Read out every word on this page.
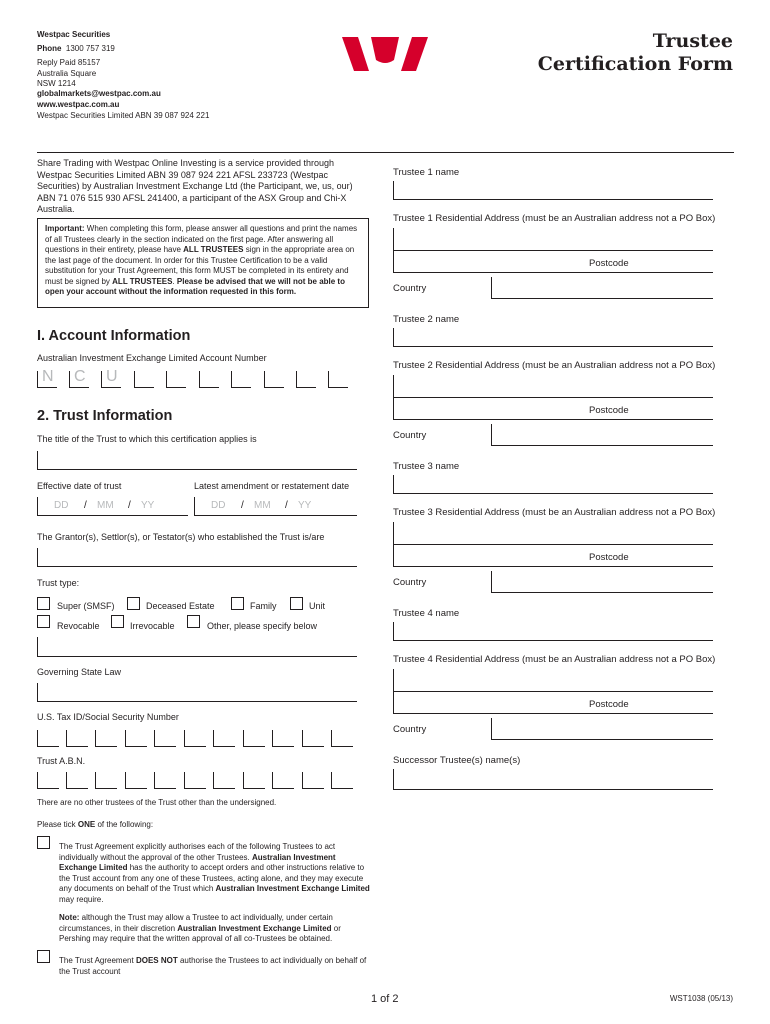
Westpac Securities
Phone 1300 757 319
Reply Paid 85157
Australia Square
NSW 1214
globalmarkets@westpac.com.au
www.westpac.com.au
Westpac Securities Limited ABN 39 087 924 221
Trustee
Certification Form
Share Trading with Westpac Online Investing is a service provided through Westpac Securities Limited ABN 39 087 924 221 AFSL 233723 (Westpac Securities) by Australian Investment Exchange Ltd (the Participant, we, us, our) ABN 71 076 515 930 AFSL 241400, a participant of the ASX Group and Chi-X Australia.
Important: When completing this form, please answer all questions and print the names of all Trustees clearly in the section indicated on the first page. After answering all questions in their entirety, please have ALL TRUSTEES sign in the appropriate area on the last page of the document. In order for this Trustee Certification to be a valid substitution for your Trust Agreement, this form MUST be completed in its entirety and must be signed by ALL TRUSTEES. Please be advised that we will not be able to open your account without the information requested in this form.
I. Account Information
Australian Investment Exchange Limited Account Number
N C U
2. Trust Information
The title of the Trust to which this certification applies is
Effective date of trust	Latest amendment or restatement date
DD / MM / YY	DD / MM / YY
The Grantor(s), Settlor(s), or Testator(s) who established the Trust is/are
Trust type:
Super (SMSF)	Deceased Estate	Family	Unit
Revocable	Irrevocable	Other, please specify below
Governing State Law
U.S. Tax ID/Social Security Number
Trust A.B.N.
There are no other trustees of the Trust other than the undersigned.
Please tick ONE of the following:
The Trust Agreement explicitly authorises each of the following Trustees to act individually without the approval of the other Trustees. Australian Investment Exchange Limited has the authority to accept orders and other instructions relative to the Trust account from any one of these Trustees, acting alone, and they may execute any documents on behalf of the Trust which Australian Investment Exchange Limited may require.
Note: although the Trust may allow a Trustee to act individually, under certain circumstances, in their discretion Australian Investment Exchange Limited or Pershing may require that the written approval of all co-Trustees be obtained.
The Trust Agreement DOES NOT authorise the Trustees to act individually on behalf of the Trust account
Trustee 1 name
Trustee 1 Residential Address (must be an Australian address not a PO Box)
Postcode
Country
Trustee 2 name
Trustee 2 Residential Address (must be an Australian address not a PO Box)
Postcode
Country
Trustee 3 name
Trustee 3 Residential Address (must be an Australian address not a PO Box)
Postcode
Country
Trustee 4 name
Trustee 4 Residential Address (must be an Australian address not a PO Box)
Postcode
Country
Successor Trustee(s) name(s)
1 of 2	WST1038 (05/13)
